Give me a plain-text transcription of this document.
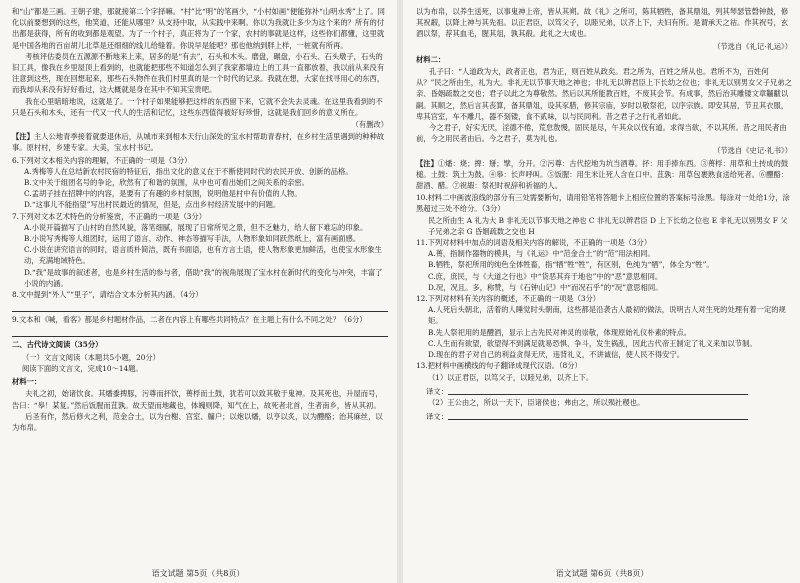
和“山”都是三画。王朝子建，那就接第二个字择嘛。“村”比“明”的笔画少，“小村如画”便能弥补“山明水秀”上了。同化以前要想到的这些，他笑道，还能从哪里？从支持中取，从实践中来啊。你以为我就让多少为这个来的？所有的付出都是获得，所有的收到都是观望。为了一个村子，真正将为了一个家，农村的事就是这样，这些你们都懂，这里就是中国各地的百亩胡儿北草是还细细的线儿给缝着。你说早是能吧？那也他纳到胖上样，一桩就有所再。

考核评估委员在五源源不断地来上来，居多的是“有去”，石头和木头。磨盘，碾盘，小石头、石头墩子，石头的旧工具，像我在乡里屋顶上看到的，也就能把那些不知道怎么到了我家都墙边上的工具一直都放着，我以前从来没有注意到这些，现在回想起来，那些石头物件在我们村里真的是一个时代的记录。我就在想，大家在找寻用心的东西，而我却从来没有好好看过，这大概就是身在其中不知其宝贵吧。

我在心里暗暗地说，这就是了。一个村子如果能够把这样的东西留下来，它就不会失去灵魂。在这里我看到的不只是石头和木头，还有一代又一代人的生活和记忆，这些东西值得被好好珍惜，这就是我们回乡的意义所在。

（有删改）
【注】主人公地青季接着就要退休后，从城市来到相本天行山深处的宝水村帮助青春村，在乡村生活里遇到的种种故事。原村村，乡建专家。大美，宝水村书记。

6.下列对文本相关内容的理解，不正确的一项是（3分）

A.秀梅等人在总结新农村民宿的特征后，指出文化的意义在于不断使同时代的农民开放、创新的品格。

B.文中关于组团名号的争论，欣然有了和谐的氛围，从中也可看出她们之间关系的亲密。

C.孟胡子挂在招牌中的内容，是要有了有趣的乡村氛围，说明他是村中有价值的人物。

D.“这事儿不能指望”写出村民最近的情况，但是，点出乡村经济发展中的问题。

7.下列对文本艺术特色的分析鉴赏，不正确的一项是（3分）

A.小说开篇描写了山村的自然风貌，落笔细腻，展现了日常所见之景，但不乏魅力，给人留下难忘的印象。

B.小说写秀梅等人组团时，运用了语言、动作、神态等描写手法，人物形象如同跃然纸上，富有画面感。

C.小说在讲究语言的同时，语言质朴简洁，既有书面语，也有方言土语，使人物形象更加鲜活，也使宝水形象生动，充满地域特色。

D.“我”是故事的叙述者，也是乡村生活的参与者，借助“我”的视角展现了宝水村在新时代的变化与冲突，丰富了小说的内涵。

8.文中提到“外人”“里子”，请结合文本分析其内涵。（4分）

9.文本和《喊，看客》都是乡村题材作品，二者在内容上有哪些共同特点？在主题上有什么不同之处？（6分）

二、古代诗文阅读（35分）

（一）文言文阅读（本题共5小题，20分）

阅读下面的文言文，完成10～14题。

材料一：

夫礼之初，始诸饮食。其燔黍捭豚，污尊而抔饮，蒉桴而土鼓，犹若可以致其敬于鬼神。及其死也，升屋而号，告曰：“皋！某复。”然后饭腥而苴孰。故天望而地藏也，体魄则降，知气在上，故死者北首，生者南乡，皆从其初。

后圣有作，然后修火之利，范金合土，以为台榭、宫室、牖户；以炮以燔，以亨以炙，以为醴酪；治其麻丝，以为布帛。

语文试题 第5页（共8页）

以为布帛，以养生送死，以事鬼神上帝，皆从其朔。故《礼》之所可，陈其牺牲，备其鼎俎，列其琴瑟管磬钟鼓，修其祝嘏，以降上神与其先祖。以正君臣，以笃父子，以睦兄弟，以齐上下，夫妇有所。是谓承天之祜。作其祝号，玄酒以祭，荐其血毛，腥其俎，孰其殽。此礼之大成也。

（节选自《礼记·礼运》）
材料二：

孔子曰：“人道政为大，政者正也，君为正，则百姓从政矣。君之所为，百姓之所从也。君所不为，百姓何从？”民之所由生，礼为大。非礼无以节事天地之神也；非礼无以辨君臣上下长幼之位也；非礼无以别男女父子兄弟之亲、昏姻疏数之交也；君子以此之为尊敬然。然后以其所能教百姓，不废其会节。有成事，然后治其雕镂文章黼黻以嗣。其顺之，然后言其丧算，备其鼎俎，设其豕腊，修其宗庙，岁时以敬祭祀，以序宗族。即安其居，节丑其衣服，卑其宫室，车不雕几，器不刻镂，食不贰味，以与民同利。昔之君子之行礼者如此。

今之君子，好实无厌，淫德不倦，荒怠敖慢，固民是尽，午其众以伐有道。求得当欲，不以其所。昔之用民者由前，今之用民者由后。今之君子，莫为礼也。

（节选自《史记·礼书》）
【注】①燔：烧；捭：掰；擘，分开。②污尊：古代挖地为坑当酒尊。抔：用手捧东西。③蒉桴：用草和土抟成的鼓槌。土鼓：筑土为鼓。④皋：长声呼叫。⑤饭腥：用生米让死人含在口中。苴孰：用草包裹熟食送给死者。⑥醴酪：甜酒、醋。⑦祝嘏：祭祀时祝辞和祈福的人。

10.材料二中画波浪线的部分有三处需要断句，请用铅笔将答题卡上相应位置的答案标号涂黑。每涂对一处给1分，涂黑超过三处不给分。（3分）

民之所由生 A 礼为大 B 非礼无以节事天地之神也 C 非礼无以辨君臣 D 上下长幼之位也 E 非礼无以别男女 F 父子兄弟之亲 G 昏姻疏数之交也 H

11.下列对材料中加点的词语及相关内容的解说，不正确的一项是（3分）

A.蒉，指制作器物的模具，与《礼运》中“范金合土”的“范”用法相同。

B.牺牲，祭祀所用的纯色全体牲畜，指“牺”牲“牲”，有区别，色纯为“牺”，体全为“牲”。

C.庶，庶民，与《大道之行也》中“货恶其弃于地也”中的“恶”意思相同。

D.况，况且。多，称赞，与《石钟山记》中“而况石乎”的“况”意思相同。

12.下列对材料有关内容的概述，不正确的一项是（3分）

A.人死后头朝北，活着的人睡觉时头朝南，这些都是沿袭古人最初的做法，说明古人对生死的处理有着一定的规矩。

B.先人祭祀用的是醴酒，显示上古先民对神灵的崇敬，体现原始礼仪朴素的特点。

C.人生而有欲望，欲望得不到满足就易恐惧、争斗，发生祸乱，因此古代帝王制定了礼义来加以节制。

D.现在的君子对自己的利益贪得无厌，违背礼义，不讲诚信，使人民不得安宁。

13.把材料中画横线的句子翻译成现代汉语。（8分）

（1）以正君臣，以笃父子，以睦兄弟，以齐上下。

译文：

（2）王公由之，所以一天下，臣诸侯也；弗由之，所以殒社稷也。

译文：
语文试题 第6页（共8页）
